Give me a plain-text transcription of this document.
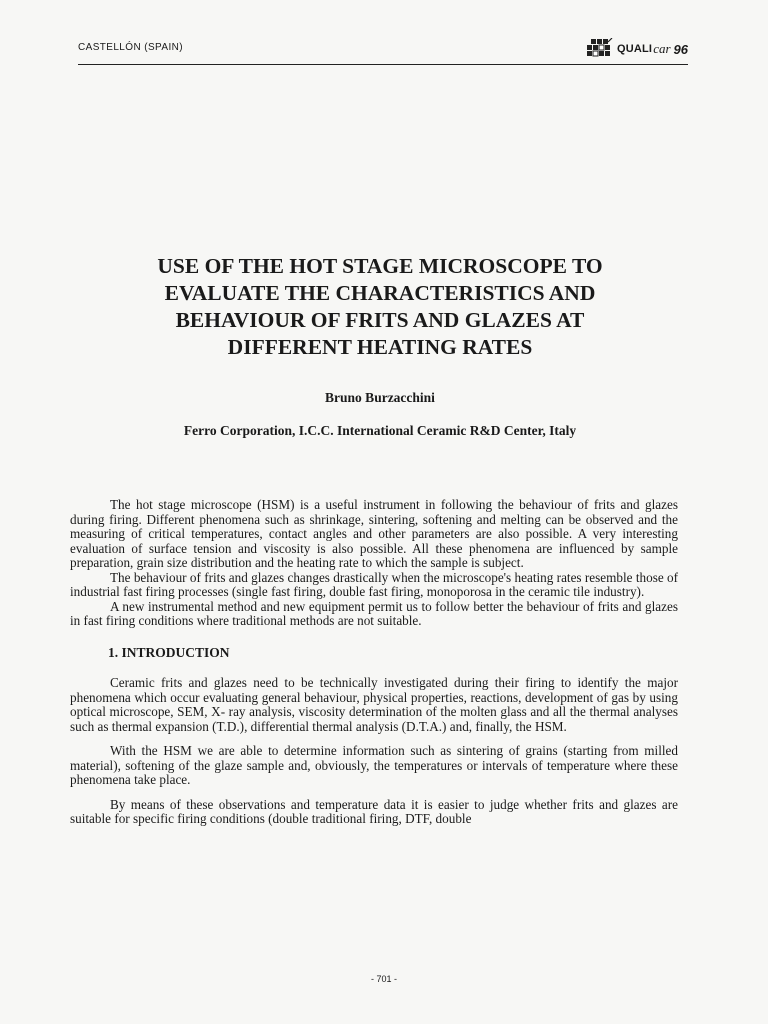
CASTELLÓN (SPAIN)	QUALI car 96
USE OF THE HOT STAGE MICROSCOPE TO
EVALUATE THE CHARACTERISTICS AND
BEHAVIOUR OF FRITS AND GLAZES AT
DIFFERENT HEATING RATES
Bruno Burzacchini
Ferro Corporation, I.C.C. International Ceramic R&D Center, Italy

The hot stage microscope (HSM) is a useful instrument in following the behaviour of frits and glazes during firing. Different phenomena such as shrinkage, sintering, softening and melting can be observed and the measuring of critical temperatures, contact angles and other parameters are also possible. A very interesting evaluation of surface tension and viscosity is also possible. All these phenomena are influenced by sample preparation, grain size distribution and the heating rate to which the sample is subject.

The behaviour of frits and glazes changes drastically when the microscope's heating rates resemble those of industrial fast firing processes (single fast firing, double fast firing, monoporosa in the ceramic tile industry).

A new instrumental method and new equipment permit us to follow better the behaviour of frits and glazes in fast firing conditions where traditional methods are not suitable.

1. INTRODUCTION

Ceramic frits and glazes need to be technically investigated during their firing to identify the major phenomena which occur evaluating general behaviour, physical properties, reactions, development of gas by using optical microscope, SEM, X- ray analysis, viscosity determination of the molten glass and all the thermal analyses such as thermal expansion (T.D.), differential thermal analysis (D.T.A.) and, finally, the HSM.

With the HSM we are able to determine information such as sintering of grains (starting from milled material), softening of the glaze sample and, obviously, the temperatures or intervals of temperature where these phenomena take place.

By means of these observations and temperature data it is easier to judge whether frits and glazes are suitable for specific firing conditions (double traditional firing, DTF, double

- 701 -
